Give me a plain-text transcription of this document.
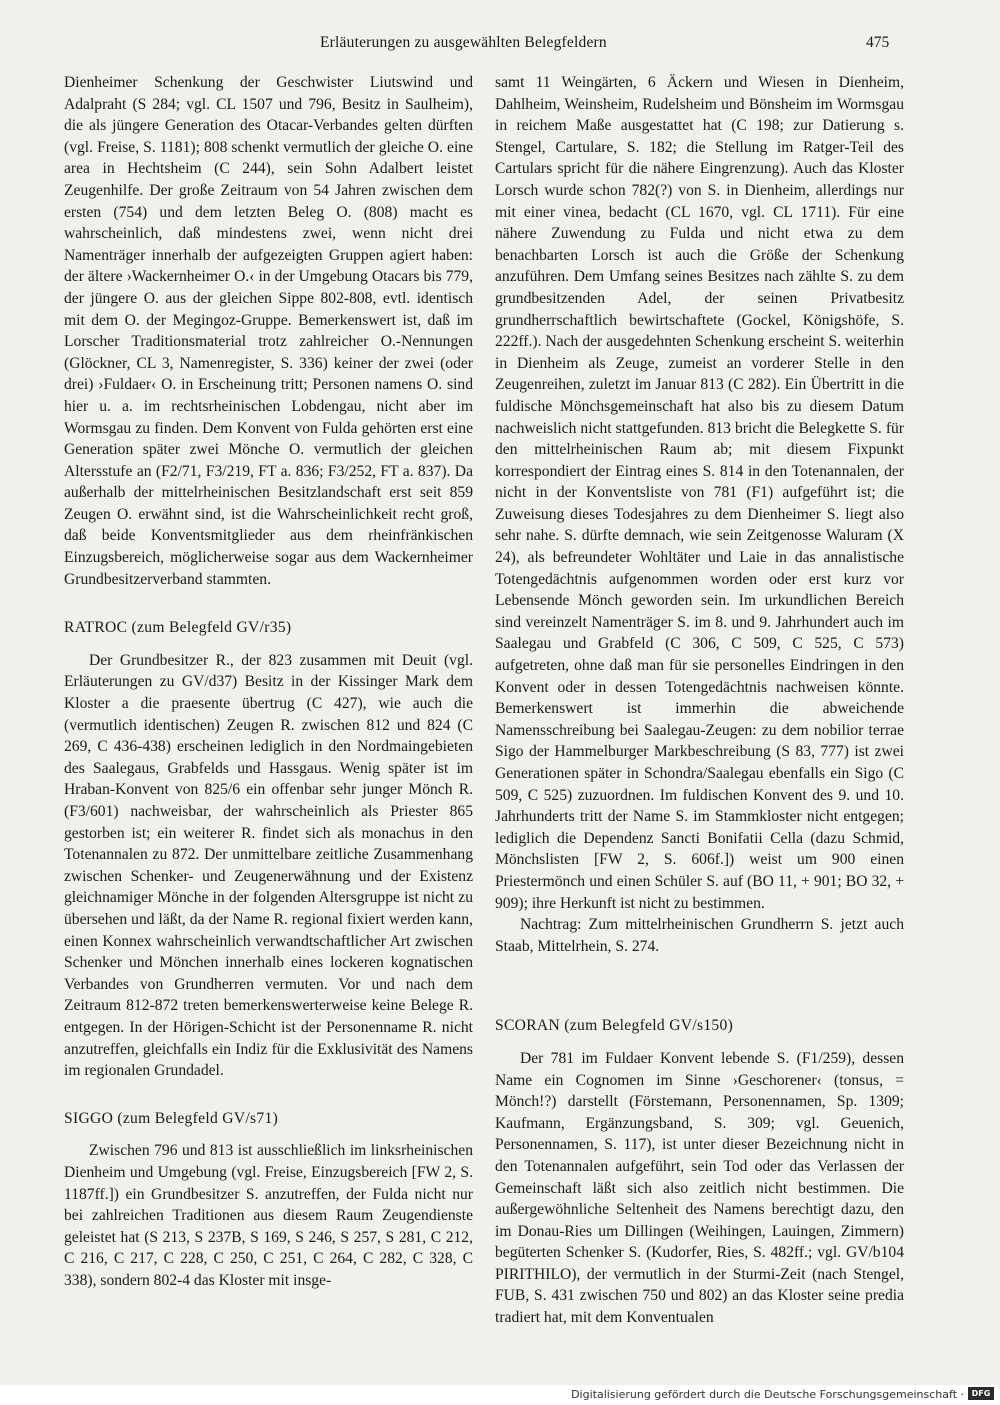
Erläuterungen zu ausgewählten Belegfeldern	475

Dienheimer Schenkung der Geschwister Liutswind und Adalpraht (S 284; vgl. CL 1507 und 796, Besitz in Saulheim), die als jüngere Generation des Otacar-Verbandes gelten dürften (vgl. Freise, S. 1181); 808 schenkt vermutlich der gleiche O. eine area in Hechtsheim (C 244), sein Sohn Adalbert leistet Zeugenhilfe. Der große Zeitraum von 54 Jahren zwischen dem ersten (754) und dem letzten Beleg O. (808) macht es wahrscheinlich, daß mindestens zwei, wenn nicht drei Namenträger innerhalb der aufgezeigten Gruppen agiert haben: der ältere ›Wackernheimer O.‹ in der Umgebung Otacars bis 779, der jüngere O. aus der gleichen Sippe 802-808, evtl. identisch mit dem O. der Megingoz-Gruppe. Bemerkenswert ist, daß im Lorscher Traditionsmaterial trotz zahlreicher O.-Nennungen (Glöckner, CL 3, Namenregister, S. 336) keiner der zwei (oder drei) ›Fuldaer‹ O. in Erscheinung tritt; Personen namens O. sind hier u. a. im rechtsrheinischen Lobdengau, nicht aber im Wormsgau zu finden. Dem Konvent von Fulda gehörten erst eine Generation später zwei Mönche O. vermutlich der gleichen Altersstufe an (F2/71, F3/219, FT a. 836; F3/252, FT a. 837). Da außerhalb der mittelrheinischen Besitzlandschaft erst seit 859 Zeugen O. erwähnt sind, ist die Wahrscheinlichkeit recht groß, daß beide Konventsmitglieder aus dem rheinfränkischen Einzugsbereich, möglicherweise sogar aus dem Wackernheimer Grundbesitzerverband stammten.

RATROC (zum Belegfeld GV/r35)

Der Grundbesitzer R., der 823 zusammen mit Deuit (vgl. Erläuterungen zu GV/d37) Besitz in der Kissinger Mark dem Kloster a die praesente übertrug (C 427), wie auch die (vermutlich identischen) Zeugen R. zwischen 812 und 824 (C 269, C 436-438) erscheinen lediglich in den Nordmaingebieten des Saalegaus, Grabfelds und Hassgaus. Wenig später ist im Hraban-Konvent von 825/6 ein offenbar sehr junger Mönch R. (F3/601) nachweisbar, der wahrscheinlich als Priester 865 gestorben ist; ein weiterer R. findet sich als monachus in den Totenannalen zu 872. Der unmittelbare zeitliche Zusammenhang zwischen Schenker- und Zeugenerwähnung und der Existenz gleichnamiger Mönche in der folgenden Altersgruppe ist nicht zu übersehen und läßt, da der Name R. regional fixiert werden kann, einen Konnex wahrscheinlich verwandtschaftlicher Art zwischen Schenker und Mönchen innerhalb eines lockeren kognatischen Verbandes von Grundherren vermuten. Vor und nach dem Zeitraum 812-872 treten bemerkenswerterweise keine Belege R. entgegen. In der Hörigen-Schicht ist der Personenname R. nicht anzutreffen, gleichfalls ein Indiz für die Exklusivität des Namens im regionalen Grundadel.

SIGGO (zum Belegfeld GV/s71)

Zwischen 796 und 813 ist ausschließlich im linksrheinischen Dienheim und Umgebung (vgl. Freise, Einzugsbereich [FW 2, S. 1187ff.]) ein Grundbesitzer S. anzutreffen, der Fulda nicht nur bei zahlreichen Traditionen aus diesem Raum Zeugendienste geleistet hat (S 213, S 237B, S 169, S 246, S 257, S 281, C 212, C 216, C 217, C 228, C 250, C 251, C 264, C 282, C 328, C 338), sondern 802-4 das Kloster mit insge-

samt 11 Weingärten, 6 Äckern und Wiesen in Dienheim, Dahlheim, Weinsheim, Rudelsheim und Bönsheim im Wormsgau in reichem Maße ausgestattet hat (C 198; zur Datierung s. Stengel, Cartulare, S. 182; die Stellung im Ratger-Teil des Cartulars spricht für die nähere Eingrenzung). Auch das Kloster Lorsch wurde schon 782(?) von S. in Dienheim, allerdings nur mit einer vinea, bedacht (CL 1670, vgl. CL 1711). Für eine nähere Zuwendung zu Fulda und nicht etwa zu dem benachbarten Lorsch ist auch die Größe der Schenkung anzuführen. Dem Umfang seines Besitzes nach zählte S. zu dem grundbesitzenden Adel, der seinen Privatbesitz grundherrschaftlich bewirtschaftete (Gockel, Königshöfe, S. 222ff.). Nach der ausgedehnten Schenkung erscheint S. weiterhin in Dienheim als Zeuge, zumeist an vorderer Stelle in den Zeugenreihen, zuletzt im Januar 813 (C 282). Ein Übertritt in die fuldische Mönchsgemeinschaft hat also bis zu diesem Datum nachweislich nicht stattgefunden. 813 bricht die Belegkette S. für den mittelrheinischen Raum ab; mit diesem Fixpunkt korrespondiert der Eintrag eines S. 814 in den Totenannalen, der nicht in der Konventsliste von 781 (F1) aufgeführt ist; die Zuweisung dieses Todesjahres zu dem Dienheimer S. liegt also sehr nahe. S. dürfte demnach, wie sein Zeitgenosse Waluram (X 24), als befreundeter Wohltäter und Laie in das annalistische Totengedächtnis aufgenommen worden oder erst kurz vor Lebensende Mönch geworden sein. Im urkundlichen Bereich sind vereinzelt Namenträger S. im 8. und 9. Jahrhundert auch im Saalegau und Grabfeld (C 306, C 509, C 525, C 573) aufgetreten, ohne daß man für sie personelles Eindringen in den Konvent oder in dessen Totengedächtnis nachweisen könnte. Bemerkenswert ist immerhin die abweichende Namensschreibung bei Saalegau-Zeugen: zu dem nobilior terrae Sigo der Hammelburger Markbeschreibung (S 83, 777) ist zwei Generationen später in Schondra/Saalegau ebenfalls ein Sigo (C 509, C 525) zuzuordnen. Im fuldischen Konvent des 9. und 10. Jahrhunderts tritt der Name S. im Stammkloster nicht entgegen; lediglich die Dependenz Sancti Bonifatii Cella (dazu Schmid, Mönchslisten [FW 2, S. 606f.]) weist um 900 einen Priestermönch und einen Schüler S. auf (BO 11, + 901; BO 32, + 909); ihre Herkunft ist nicht zu bestimmen.

Nachtrag: Zum mittelrheinischen Grundherrn S. jetzt auch Staab, Mittelrhein, S. 274.

SCORAN (zum Belegfeld GV/s150)

Der 781 im Fuldaer Konvent lebende S. (F1/259), dessen Name ein Cognomen im Sinne ›Geschorener‹ (tonsus, = Mönch!?) darstellt (Förstemann, Personennamen, Sp. 1309; Kaufmann, Ergänzungsband, S. 309; vgl. Geuenich, Personennamen, S. 117), ist unter dieser Bezeichnung nicht in den Totenannalen aufgeführt, sein Tod oder das Verlassen der Gemeinschaft läßt sich also zeitlich nicht bestimmen. Die außergewöhnliche Seltenheit des Namens berechtigt dazu, den im Donau-Ries um Dillingen (Weihingen, Lauingen, Zimmern) begüterten Schenker S. (Kudorfer, Ries, S. 482ff.; vgl. GV/b104 PIRITHILO), der vermutlich in der Sturmi-Zeit (nach Stengel, FUB, S. 431 zwischen 750 und 802) an das Kloster seine predia tradiert hat, mit dem Konventualen

Digitalisierung gefördert durch die Deutsche Forschungsgemeinschaft · DFG
